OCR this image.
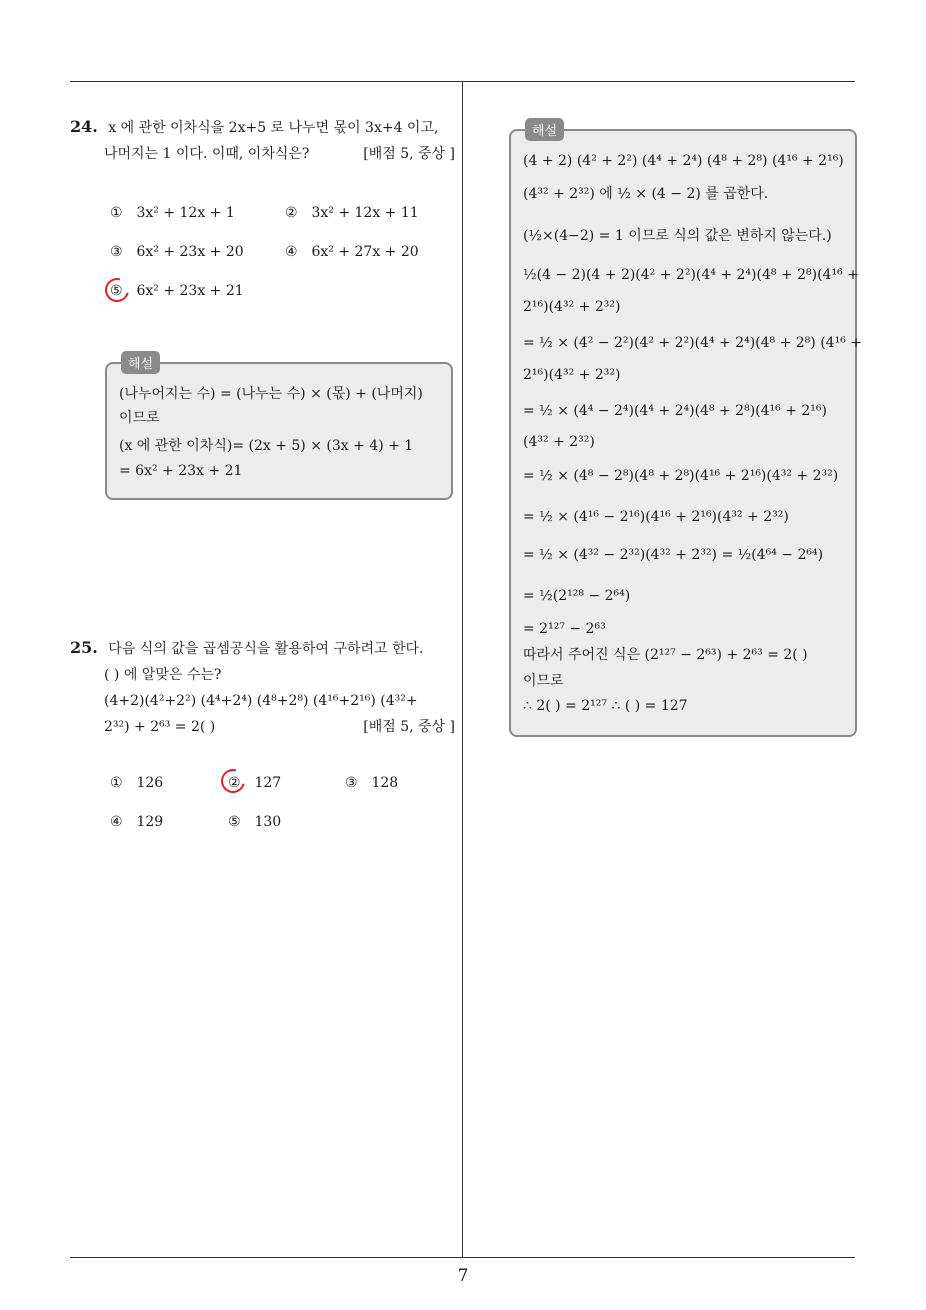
24. x 에 관한 이차식을 2x+5 로 나누면 몫이 3x+4 이고,
나머지는 1 이다. 이때, 이차식은?	[배점 5, 중상 ]
① 3x² + 12x + 1	② 3x² + 12x + 11
③ 6x² + 23x + 20	④ 6x² + 27x + 20
⑤ 6x² + 23x + 21
해설
(나누어지는 수) = (나누는 수) × (몫) + (나머지)
이므로
(x 에 관한 이차식)= (2x + 5) × (3x + 4) + 1
= 6x² + 23x + 21
25. 다음 식의 값을 곱셈공식을 활용하여 구하려고 한다.
( ) 에 알맞은 수는?
(4+2)(4²+2²) (4⁴+2⁴) (4⁸+2⁸) (4¹⁶+2¹⁶) (4³²+
2³²) + 2⁶³ = 2( )	[배점 5, 중상 ]
① 126	② 127	③ 128
④ 129	⑤ 130
해설
(4 + 2) (4² + 2²) (4⁴ + 2⁴) (4⁸ + 2⁸) (4¹⁶ + 2¹⁶)
(4³² + 2³²) 에 ½ × (4 − 2) 를 곱한다.
(½×(4−2) = 1 이므로 식의 값은 변하지 않는다.)
½(4 − 2)(4 + 2)(4² + 2²)(4⁴ + 2⁴)(4⁸ + 2⁸)(4¹⁶ +
2¹⁶)(4³² + 2³²)
= ½ × (4² − 2²)(4² + 2²)(4⁴ + 2⁴)(4⁸ + 2⁸) (4¹⁶ +
2¹⁶)(4³² + 2³²)
= ½ × (4⁴ − 2⁴)(4⁴ + 2⁴)(4⁸ + 2⁸)(4¹⁶ + 2¹⁶)
(4³² + 2³²)
= ½ × (4⁸ − 2⁸)(4⁸ + 2⁸)(4¹⁶ + 2¹⁶)(4³² + 2³²)
= ½ × (4¹⁶ − 2¹⁶)(4¹⁶ + 2¹⁶)(4³² + 2³²)
= ½ × (4³² − 2³²)(4³² + 2³²) = ½(4⁶⁴ − 2⁶⁴)
= ½(2¹²⁸ − 2⁶⁴)
= 2¹²⁷ − 2⁶³
따라서 주어진 식은 (2¹²⁷ − 2⁶³) + 2⁶³ = 2( )
이므로
∴ 2( ) = 2¹²⁷ ∴ ( ) = 127
7
